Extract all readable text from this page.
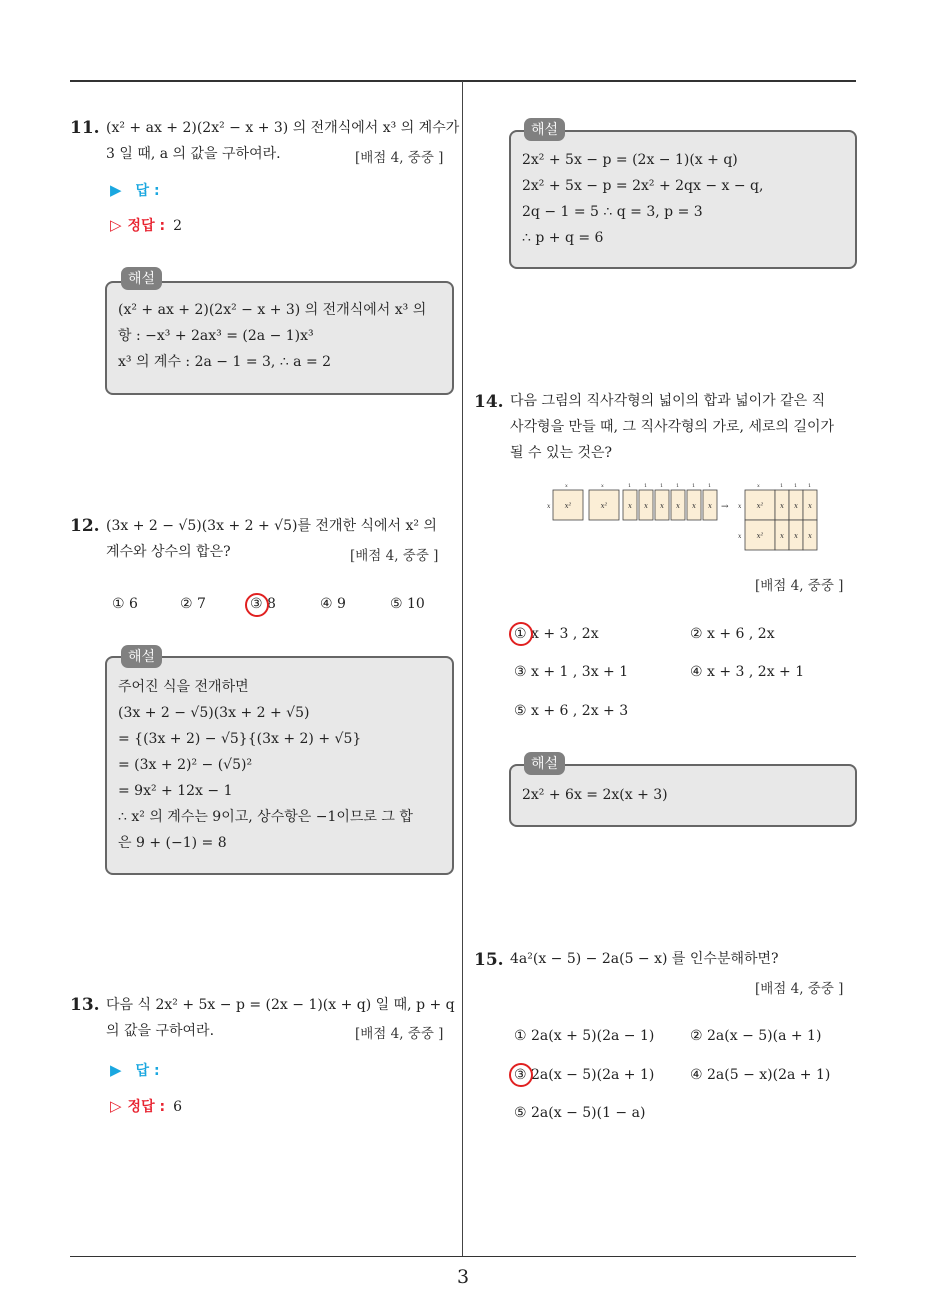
3
11. (x² + ax + 2)(2x² − x + 3) 의 전개식에서 x³ 의 계수가
3 일 때, a 의 값을 구하여라.	[배점 4, 중중 ]
▶ 답 :
▷ 정답 : 2
해설
(x² + ax + 2)(2x² − x + 3) 의 전개식에서 x³ 의
항 : −x³ + 2ax³ = (2a − 1)x³
x³ 의 계수 : 2a − 1 = 3, ∴ a = 2
12. (3x + 2 − √5)(3x + 2 + √5)를 전개한 식에서 x² 의
계수와 상수의 합은?	[배점 4, 중중 ]
① 6	② 7	③ 8	④ 9	⑤ 10
해설
주어진 식을 전개하면
(3x + 2 − √5)(3x + 2 + √5)
= {(3x + 2) − √5}{(3x + 2) + √5}
= (3x + 2)² − (√5)²
= 9x² + 12x − 1
∴ x² 의 계수는 9이고, 상수항은 −1이므로 그 합
은 9 + (−1) = 8
13. 다음 식 2x² + 5x − p = (2x − 1)(x + q) 일 때, p + q
의 값을 구하여라.	[배점 4, 중중 ]
▶ 답 :
▷ 정답 : 6
해설
2x² + 5x − p = (2x − 1)(x + q)
2x² + 5x − p = 2x² + 2qx − x − q,
2q − 1 = 5 ∴ q = 3, p = 3
∴ p + q = 6
14. 다음 그림의 직사각형의 넓이의 합과 넓이가 같은 직
사각형을 만들 때, 그 직사각형의 가로, 세로의 길이가
될 수 있는 것은?
x²	x²	x x x x x x
x
x	x	1	1	1	1	1	1
→	x²
x²
x x x
x x x
x
x
x	1 1 1
[배점 4, 중중 ]
① x + 3 , 2x	② x + 6 , 2x
③ x + 1 , 3x + 1	④ x + 3 , 2x + 1
⑤ x + 6 , 2x + 3
해설
2x² + 6x = 2x(x + 3)
15. 4a²(x − 5) − 2a(5 − x) 를 인수분해하면?
[배점 4, 중중 ]
① 2a(x + 5)(2a − 1)	② 2a(x − 5)(a + 1)
③ 2a(x − 5)(2a + 1)	④ 2a(5 − x)(2a + 1)
⑤ 2a(x − 5)(1 − a)
